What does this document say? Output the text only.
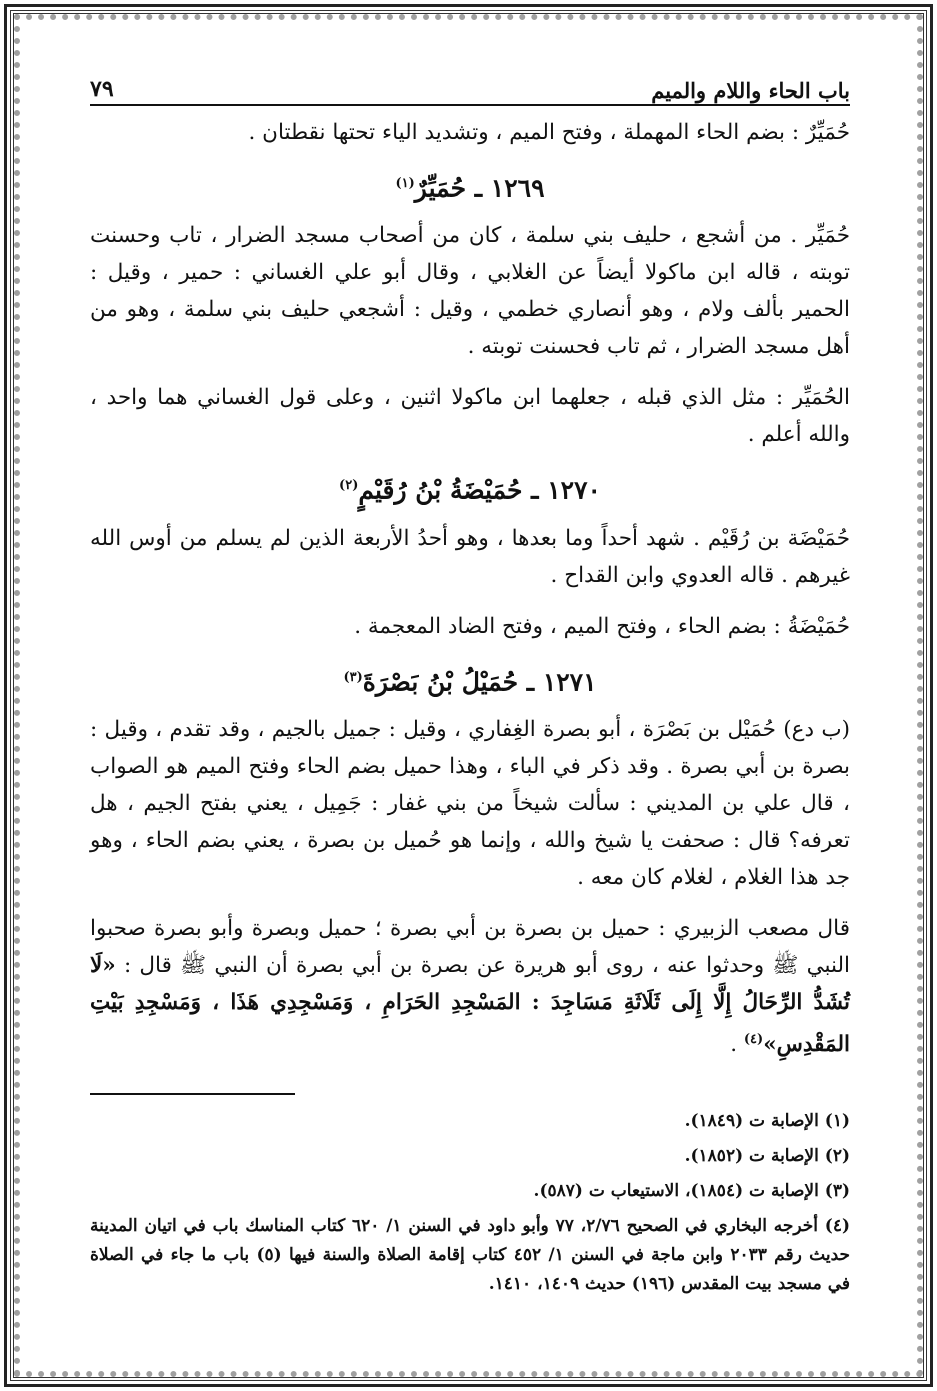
باب الحاء واللام والميم
٧٩

حُمَيِّرٌ : بضم الحاء المهملة ، وفتح الميم ، وتشديد الياء تحتها نقطتان .

١٢٦٩ ـ حُمَيِّرٌ$^{(١)}$

حُمَيِّر . من أشجع ، حليف بني سلمة ، كان من أصحاب مسجد الضرار ، تاب وحسنت توبته ، قاله ابن ماكولا أيضاً عن الغلابي ، وقال أبو علي الغساني : حمير ، وقيل : الحمير بألف ولام ، وهو أنصاري خطمي ، وقيل : أشجعي حليف بني سلمة ، وهو من أهل مسجد الضرار ، ثم تاب فحسنت توبته .

الحُمَيِّر : مثل الذي قبله ، جعلهما ابن ماكولا اثنين ، وعلى قول الغساني هما واحد ، والله أعلم .

١٢٧٠ ـ حُمَيْضَةُ بْنُ رُقَيْمٍ$^{(٢)}$

حُمَيْضَة بن رُقَيْم . شهد أحداً وما بعدها ، وهو أحدُ الأربعة الذين لم يسلم من أوس الله غيرهم . قاله العدوي وابن القداح .

حُمَيْضَةُ : بضم الحاء ، وفتح الميم ، وفتح الضاد المعجمة .

١٢٧١ ـ حُمَيْلُ بْنُ بَصْرَةَ$^{(٣)}$

(ب دع) حُمَيْل بن بَصْرَة ، أبو بصرة الغِفاري ، وقيل : جميل بالجيم ، وقد تقدم ، وقيل : بصرة بن أبي بصرة . وقد ذكر في الباء ، وهذا حميل بضم الحاء وفتح الميم هو الصواب ، قال علي بن المديني : سألت شيخاً من بني غفار : جَمِيل ، يعني بفتح الجيم ، هل تعرفه؟ قال : صحفت يا شيخ والله ، وإنما هو حُميل بن بصرة ، يعني بضم الحاء ، وهو جد هذا الغلام ، لغلام كان معه .

قال مصعب الزبيري : حميل بن بصرة بن أبي بصرة ؛ حميل وبصرة وأبو بصرة صحبوا النبي ﷺ وحدثوا عنه ، روى أبو هريرة عن بصرة بن أبي بصرة أن النبي ﷺ قال : «لَا تُشَدُّ الرِّحَالُ إِلَّا إِلَى ثَلَاثَةِ مَسَاجِدَ : المَسْجِدِ الحَرَامِ ، وَمَسْجِدِي هَذَا ، وَمَسْجِدِ بَيْتِ المَقْدِسِ»$^{(٤)}$ .

(١) الإصابة ت (١٨٤٩).

(٢) الإصابة ت (١٨٥٢).

(٣) الإصابة ت (١٨٥٤)، الاستيعاب ت (٥٨٧).

(٤) أخرجه البخاري في الصحيح ٢/٧٦، ٧٧ وأبو داود في السنن ١/ ٦٢٠ كتاب المناسك باب في اتيان المدينة حديث رقم ٢٠٣٣ وابن ماجة في السنن ١/ ٤٥٢ كتاب إقامة الصلاة والسنة فيها (٥) باب ما جاء في الصلاة في مسجد بيت المقدس (١٩٦) حديث ١٤٠٩، ١٤١٠.
